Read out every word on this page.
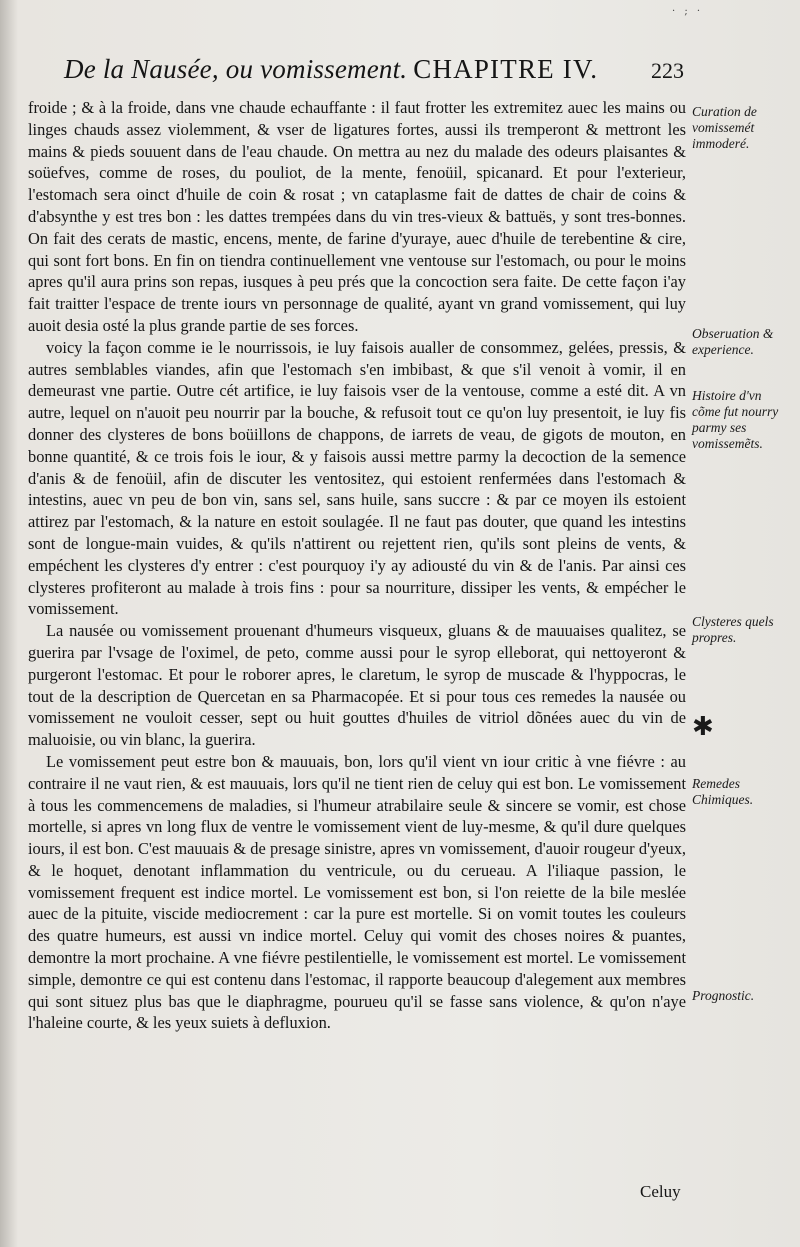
· ; ·
De la Nausée, ou vomissement. CHAPITRE IV. 223

froide ; & à la froide, dans vne chaude echauffante : il faut frotter les extremitez auec les mains ou linges chauds assez violemment, & vser de ligatures fortes, aussi ils tremperont & mettront les mains & pieds souuent dans de l'eau chaude. On mettra au nez du malade des odeurs plaisantes & soüefves, comme de roses, du pouliot, de la mente, fenoüil, spicanard. Et pour l'exterieur, l'estomach sera oinct d'huile de coin & rosat ; vn cataplasme fait de dattes de chair de coins & d'absynthe y est tres bon : les dattes trempées dans du vin tres-vieux & battuës, y sont tres-bonnes. On fait des cerats de mastic, encens, mente, de farine d'yuraye, auec d'huile de terebentine & cire, qui sont fort bons. En fin on tiendra continuellement vne ventouse sur l'estomach, ou pour le moins apres qu'il aura prins son repas, iusques à peu prés que la concoction sera faite. De cette façon i'ay fait traitter l'espace de trente iours vn personnage de qualité, ayant vn grand vomissement, qui luy auoit desia osté la plus grande partie de ses forces.

voicy la façon comme ie le nourrissois, ie luy faisois aualler de consommez, gelées, pressis, & autres semblables viandes, afin que l'estomach s'en imbibast, & que s'il venoit à vomir, il en demeurast vne partie. Outre cét artifice, ie luy faisois vser de la ventouse, comme a esté dit. A vn autre, lequel on n'auoit peu nourrir par la bouche, & refusoit tout ce qu'on luy presentoit, ie luy fis donner des clysteres de bons boüillons de chappons, de iarrets de veau, de gigots de mouton, en bonne quantité, & ce trois fois le iour, & y faisois aussi mettre parmy la decoction de la semence d'anis & de fenoüil, afin de discuter les ventositez, qui estoient renfermées dans l'estomach & intestins, auec vn peu de bon vin, sans sel, sans huile, sans succre : & par ce moyen ils estoient attirez par l'estomach, & la nature en estoit soulagée. Il ne faut pas douter, que quand les intestins sont de longue-main vuides, & qu'ils n'attirent ou rejettent rien, qu'ils sont pleins de vents, & empéchent les clysteres d'y entrer : c'est pourquoy i'y ay adiousté du vin & de l'anis. Par ainsi ces clysteres profiteront au malade à trois fins : pour sa nourriture, dissiper les vents, & empécher le vomissement.

La nausée ou vomissement prouenant d'humeurs visqueux, gluans & de mauuaises qualitez, se guerira par l'vsage de l'oximel, de peto, comme aussi pour le syrop elleborat, qui nettoyeront & purgeront l'estomac. Et pour le roborer apres, le claretum, le syrop de muscade & l'hyppocras, le tout de la description de Quercetan en sa Pharmacopée. Et si pour tous ces remedes la nausée ou vomissement ne vouloit cesser, sept ou huit gouttes d'huiles de vitriol dõnées auec du vin de maluoisie, ou vin blanc, la guerira.

Le vomissement peut estre bon & mauuais, bon, lors qu'il vient vn iour critic à vne fiévre : au contraire il ne vaut rien, & est mauuais, lors qu'il ne tient rien de celuy qui est bon. Le vomissement à tous les commencemens de maladies, si l'humeur atrabilaire seule & sincere se vomir, est chose mortelle, si apres vn long flux de ventre le vomissement vient de luy-mesme, & qu'il dure quelques iours, il est bon. C'est mauuais & de presage sinistre, apres vn vomissement, d'auoir rougeur d'yeux, & le hoquet, denotant inflammation du ventricule, ou du cerueau. A l'iliaque passion, le vomissement frequent est indice mortel. Le vomissement est bon, si l'on reiette de la bile meslée auec de la pituite, viscide mediocrement : car la pure est mortelle. Si on vomit toutes les couleurs des quatre humeurs, est aussi vn indice mortel. Celuy qui vomit des choses noires & puantes, demontre la mort prochaine. A vne fiévre pestilentielle, le vomissement est mortel. Le vomissement simple, demontre ce qui est contenu dans l'estomac, il rapporte beaucoup d'alegement aux membres qui sont situez plus bas que le diaphragme, pourueu qu'il se fasse sans violence, & qu'on n'aye l'haleine courte, & les yeux suiets à defluxion.

Curation de vomissemét immoderé.
Obseruation & experience.
Histoire d'vn cõme fut nourry parmy ses vomissemẽts.
Clysteres quels propres.
✱
Remedes Chimiques.
Prognostic.
Celuy
